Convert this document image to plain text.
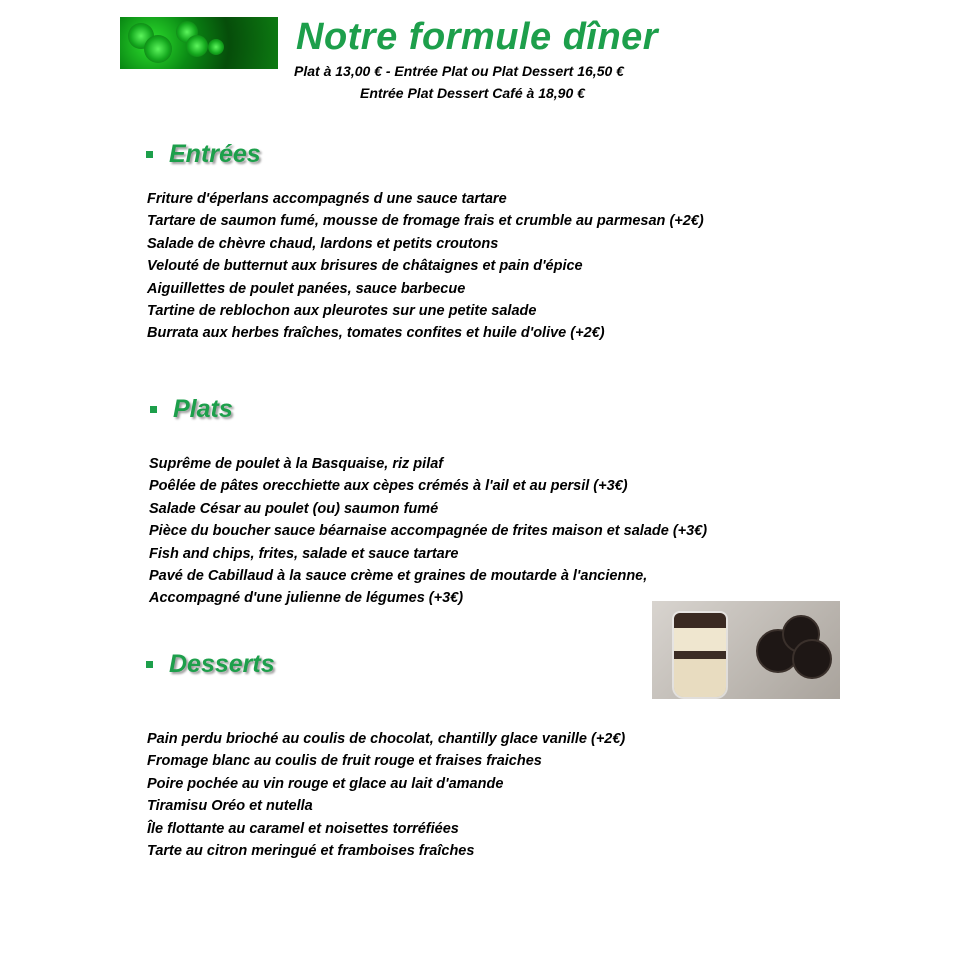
Notre formule dîner
Plat à 13,00 € - Entrée Plat ou Plat Dessert 16,50 €
Entrée Plat Dessert Café à 18,90 €
Entrées
Friture d'éperlans accompagnés d une sauce tartare
Tartare de saumon fumé, mousse de fromage frais et crumble au parmesan (+2€)
Salade de chèvre chaud, lardons et petits croutons
Velouté de butternut aux brisures de châtaignes et pain d'épice
Aiguillettes de poulet panées, sauce barbecue
Tartine de reblochon aux pleurotes sur une petite salade
Burrata aux herbes fraîches, tomates confites et huile d'olive (+2€)
Plats
Suprême de poulet à la Basquaise, riz pilaf
Poêlée de pâtes orecchiette aux cèpes crémés à l'ail et au persil (+3€)
Salade César au poulet (ou) saumon fumé
Pièce du boucher sauce béarnaise accompagnée de frites maison et salade (+3€)
Fish and chips, frites, salade et sauce tartare
Pavé de Cabillaud à la sauce crème et graines de moutarde à l'ancienne,
Accompagné d'une julienne de légumes (+3€)
Desserts
Pain perdu brioché au coulis de chocolat, chantilly glace vanille (+2€)
Fromage blanc au coulis de fruit rouge et fraises fraiches
Poire pochée au vin rouge et glace au lait d'amande
Tiramisu Oréo et nutella
Île flottante au caramel et noisettes torréfiées
Tarte au citron meringué et framboises fraîches
